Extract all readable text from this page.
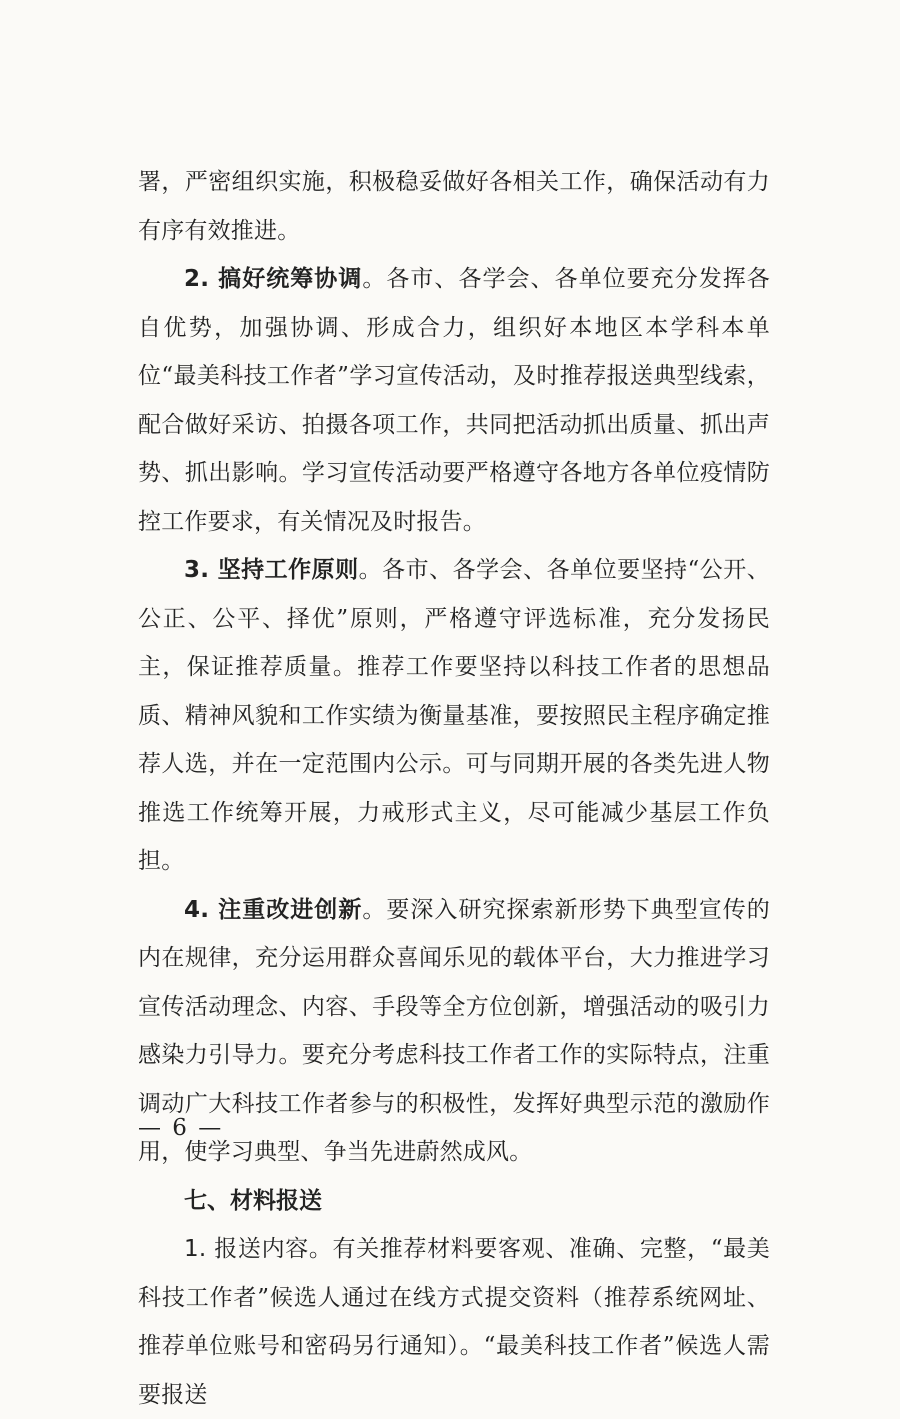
署，严密组织实施，积极稳妥做好各相关工作，确保活动有力有序有效推进。

2. 搞好统筹协调。各市、各学会、各单位要充分发挥各自优势，加强协调、形成合力，组织好本地区本学科本单位“最美科技工作者”学习宣传活动，及时推荐报送典型线索，配合做好采访、拍摄各项工作，共同把活动抓出质量、抓出声势、抓出影响。学习宣传活动要严格遵守各地方各单位疫情防控工作要求，有关情况及时报告。

3. 坚持工作原则。各市、各学会、各单位要坚持“公开、公正、公平、择优”原则，严格遵守评选标准，充分发扬民主，保证推荐质量。推荐工作要坚持以科技工作者的思想品质、精神风貌和工作实绩为衡量基准，要按照民主程序确定推荐人选，并在一定范围内公示。可与同期开展的各类先进人物推选工作统筹开展，力戒形式主义，尽可能减少基层工作负担。

4. 注重改进创新。要深入研究探索新形势下典型宣传的内在规律，充分运用群众喜闻乐见的载体平台，大力推进学习宣传活动理念、内容、手段等全方位创新，增强活动的吸引力感染力引导力。要充分考虑科技工作者工作的实际特点，注重调动广大科技工作者参与的积极性，发挥好典型示范的激励作用，使学习典型、争当先进蔚然成风。

七、材料报送

1. 报送内容。有关推荐材料要客观、准确、完整，“最美科技工作者”候选人通过在线方式提交资料（推荐系统网址、推荐单位账号和密码另行通知）。“最美科技工作者”候选人需要报送

— 6 —
